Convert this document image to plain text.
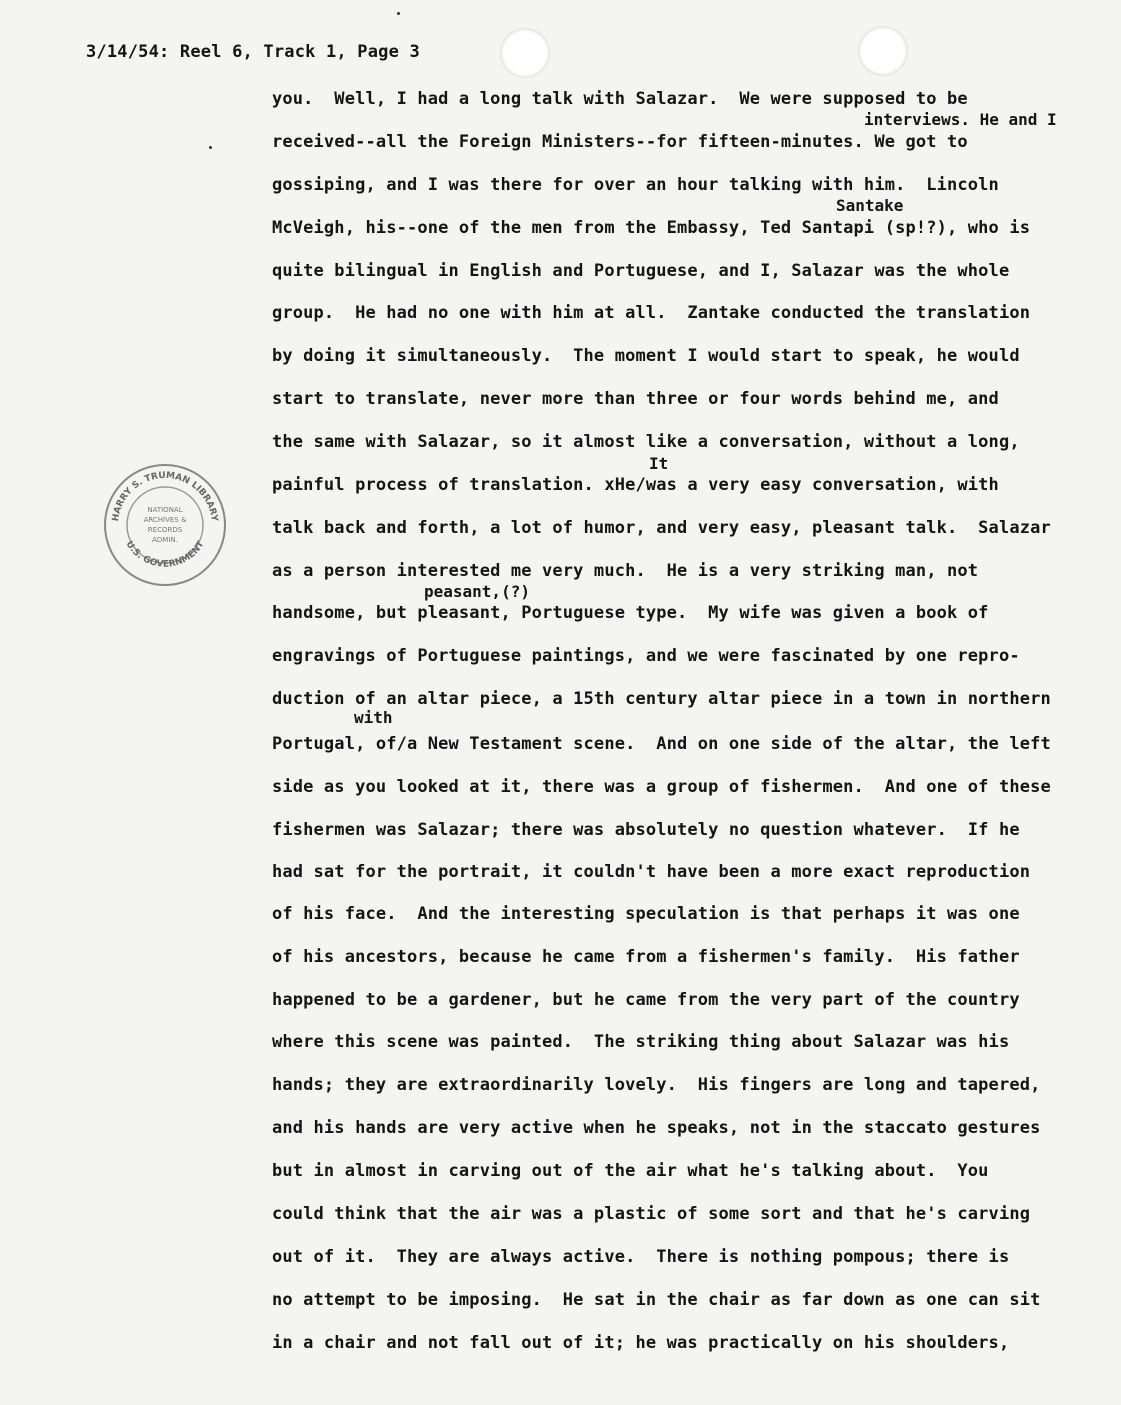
3/14/54: Reel 6, Track 1, Page 3
HARRY S. TRUMAN LIBRARY
U.S. GOVERNMENT
NATIONAL
ARCHIVES &
RECORDS
ADMIN.
interviews. He and I
Santake
It
peasant,(?)
with
you.  Well, I had a long talk with Salazar.  We were supposed to be
received--all the Foreign Ministers--for fifteen-minutes. We got to
gossiping, and I was there for over an hour talking with him.  Lincoln
McVeigh, his--one of the men from the Embassy, Ted Santapi (sp!?), who is
quite bilingual in English and Portuguese, and I, Salazar was the whole
group.  He had no one with him at all.  Zantake conducted the translation
by doing it simultaneously.  The moment I would start to speak, he would
start to translate, never more than three or four words behind me, and
the same with Salazar, so it almost like a conversation, without a long,
painful process of translation. xHe/was a very easy conversation, with
talk back and forth, a lot of humor, and very easy, pleasant talk.  Salazar
as a person interested me very much.  He is a very striking man, not
handsome, but pleasant, Portuguese type.  My wife was given a book of
engravings of Portuguese paintings, and we were fascinated by one repro-
duction of an altar piece, a 15th century altar piece in a town in northern
Portugal, of/a New Testament scene.  And on one side of the altar, the left
side as you looked at it, there was a group of fishermen.  And one of these
fishermen was Salazar; there was absolutely no question whatever.  If he
had sat for the portrait, it couldn't have been a more exact reproduction
of his face.  And the interesting speculation is that perhaps it was one
of his ancestors, because he came from a fishermen's family.  His father
happened to be a gardener, but he came from the very part of the country
where this scene was painted.  The striking thing about Salazar was his
hands; they are extraordinarily lovely.  His fingers are long and tapered,
and his hands are very active when he speaks, not in the staccato gestures
but in almost in carving out of the air what he's talking about.  You
could think that the air was a plastic of some sort and that he's carving
out of it.  They are always active.  There is nothing pompous; there is
no attempt to be imposing.  He sat in the chair as far down as one can sit
in a chair and not fall out of it; he was practically on his shoulders,
